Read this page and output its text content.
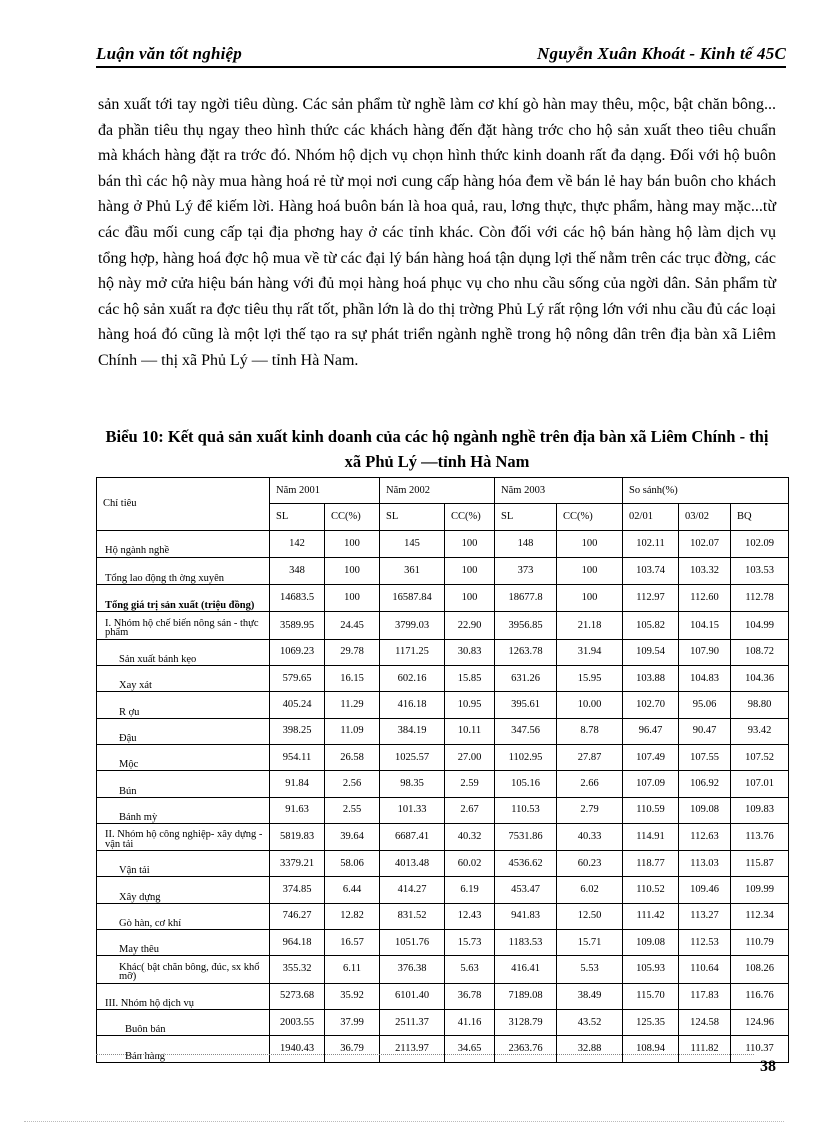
Luận văn tốt nghiệp	Nguyễn Xuân Khoát - Kinh tế 45C
sản xuất tới tay ngời tiêu dùng. Các sản phẩm từ nghề làm cơ khí gò hàn may thêu, mộc, bật chăn bông... đa phần tiêu thụ ngay theo hình thức các khách hàng đến đặt hàng trớc cho hộ sản xuất theo tiêu chuẩn mà khách hàng đặt ra trớc đó. Nhóm hộ dịch vụ chọn hình thức kinh doanh rất đa dạng. Đối với hộ buôn bán thì các hộ này mua hàng hoá rẻ từ mọi nơi cung cấp hàng hóa đem về bán lẻ hay bán buôn cho khách hàng ở Phủ Lý để kiếm lời. Hàng hoá buôn bán là hoa quả, rau, lơng thực, thực phẩm, hàng may mặc...từ các đầu mối cung cấp tại địa phơng hay ở các tỉnh khác. Còn đối với các hộ bán hàng hộ làm dịch vụ tổng hợp, hàng hoá đợc hộ mua về từ các đại lý bán hàng hoá tận dụng lợi thế nằm trên các trục đờng, các hộ này mở cửa hiệu bán hàng với đủ mọi hàng hoá phục vụ cho nhu cầu sống của ngời dân. Sản phẩm từ các hộ sản xuất ra đợc tiêu thụ rất tốt, phần lớn là do thị trờng Phủ Lý rất rộng lớn với nhu cầu đủ các loại hàng hoá đó cũng là một lợi thế tạo ra sự phát triển ngành nghề trong hộ nông dân trên địa bàn xã Liêm Chính — thị xã Phủ Lý — tỉnh Hà Nam.
Biểu 10: Kết quả sản xuất kinh doanh của các hộ ngành nghề trên địa bàn xã Liêm Chính - thị xã Phủ Lý —tỉnh Hà Nam
Chỉ tiêu	Năm 2001		Năm 2002		Năm 2003		So sánh(%)		
	SL	CC(%)	SL	CC(%)	SL	CC(%)	02/01	03/02	BQ
Hộ ngành nghề	142	100	145	100	148	100	102.11	102.07	102.09
Tổng lao động th ờng xuyên	348	100	361	100	373	100	103.74	103.32	103.53
Tổng giá trị sản xuất (triệu đồng)	14683.5	100	16587.84	100	18677.8	100	112.97	112.60	112.78
I. Nhóm hộ chế biến nông sản - thực phẩm	3589.95	24.45	3799.03	22.90	3956.85	21.18	105.82	104.15	104.99
Sản xuất bánh kẹo	1069.23	29.78	1171.25	30.83	1263.78	31.94	109.54	107.90	108.72
Xay xát	579.65	16.15	602.16	15.85	631.26	15.95	103.88	104.83	104.36
R ợu	405.24	11.29	416.18	10.95	395.61	10.00	102.70	95.06	98.80
Đậu	398.25	11.09	384.19	10.11	347.56	8.78	96.47	90.47	93.42
Mộc	954.11	26.58	1025.57	27.00	1102.95	27.87	107.49	107.55	107.52
Bún	91.84	2.56	98.35	2.59	105.16	2.66	107.09	106.92	107.01
Bánh mỳ	91.63	2.55	101.33	2.67	110.53	2.79	110.59	109.08	109.83
II. Nhóm hộ công nghiệp- xây dựng - vận tải	5819.83	39.64	6687.41	40.32	7531.86	40.33	114.91	112.63	113.76
Vận tải	3379.21	58.06	4013.48	60.02	4536.62	60.23	118.77	113.03	115.87
Xây dựng	374.85	6.44	414.27	6.19	453.47	6.02	110.52	109.46	109.99
Gò hàn, cơ khí	746.27	12.82	831.52	12.43	941.83	12.50	111.42	113.27	112.34
May thêu	964.18	16.57	1051.76	15.73	1183.53	15.71	109.08	112.53	110.79
Khác( bật chăn bông, đúc, sx khổ mỡ)	355.32	6.11	376.38	5.63	416.41	5.53	105.93	110.64	108.26
III. Nhóm hộ dịch vụ	5273.68	35.92	6101.40	36.78	7189.08	38.49	115.70	117.83	116.76
Buôn bán	2003.55	37.99	2511.37	41.16	3128.79	43.52	125.35	124.58	124.96
Bán hàng	1940.43	36.79	2113.97	34.65	2363.76	32.88	108.94	111.82	110.37
38
